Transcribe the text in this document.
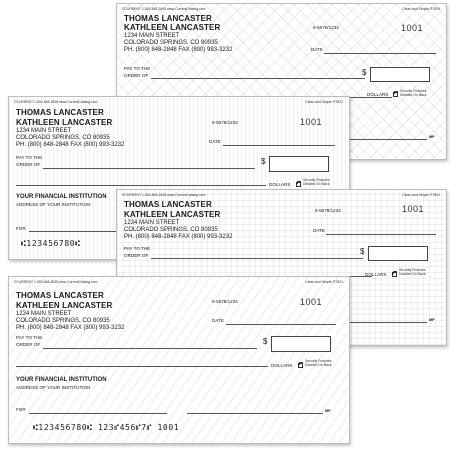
©CURRENT 1-800-848-2848 www.CurrentCatalog.com	Clean and Simple ®7825
THOMAS LANCASTER
KATHLEEN LANCASTER
1234 MAIN STREET
COLORADO SPRINGS, CO 80935
PH. (800) 848-2848 FAX (800) 993-3232
9-5678/1234	1001
DATE
PAY TO THE
ORDER OF	$
DOLLARS
Security Features Detailed On Back.
MP
©CURRENT 1-800-848-2848 www.CurrentCatalog.com	Clean and Simple ®7821
THOMAS LANCASTER
KATHLEEN LANCASTER
1234 MAIN STREET
COLORADO SPRINGS, CO 80935
PH. (800) 848-2848 FAX (800) 993-3232
9-5678/1234	1001
DATE
PAY TO THE
ORDER OF	$
DOLLARS
Security Features Detailed On Back.
YOUR FINANCIAL INSTITUTION
ADDRESS OF YOUR INSTITUTION
FOR
⑆123456780⑆
©CURRENT 1-800-848-2848 www.CurrentCatalog.com	Clean and Simple ®7824
THOMAS LANCASTER
KATHLEEN LANCASTER
1234 MAIN STREET
COLORADO SPRINGS, CO 80935
PH. (800) 848-2848 FAX (800) 993-3232
9-5678/1234	1001
DATE
PAY TO THE
ORDER OF	$
DOLLARS
Security Features Detailed On Back.
MP
©CURRENT 1-800-848-2848 www.CurrentCatalog.com	Clean and Simple ®7821
THOMAS LANCASTER
KATHLEEN LANCASTER
1234 MAIN STREET
COLORADO SPRINGS, CO 80935
PH. (800) 848-2848 FAX (800) 993-3232
9-5678/1234	1001
DATE
PAY TO THE
ORDER OF	$
DOLLARS
Security Features Detailed On Back.
YOUR FINANCIAL INSTITUTION
ADDRESS OF YOUR INSTITUTION
FOR	MP
⑆123456780⑆ 123⑈456⑈7⑈ 1001
